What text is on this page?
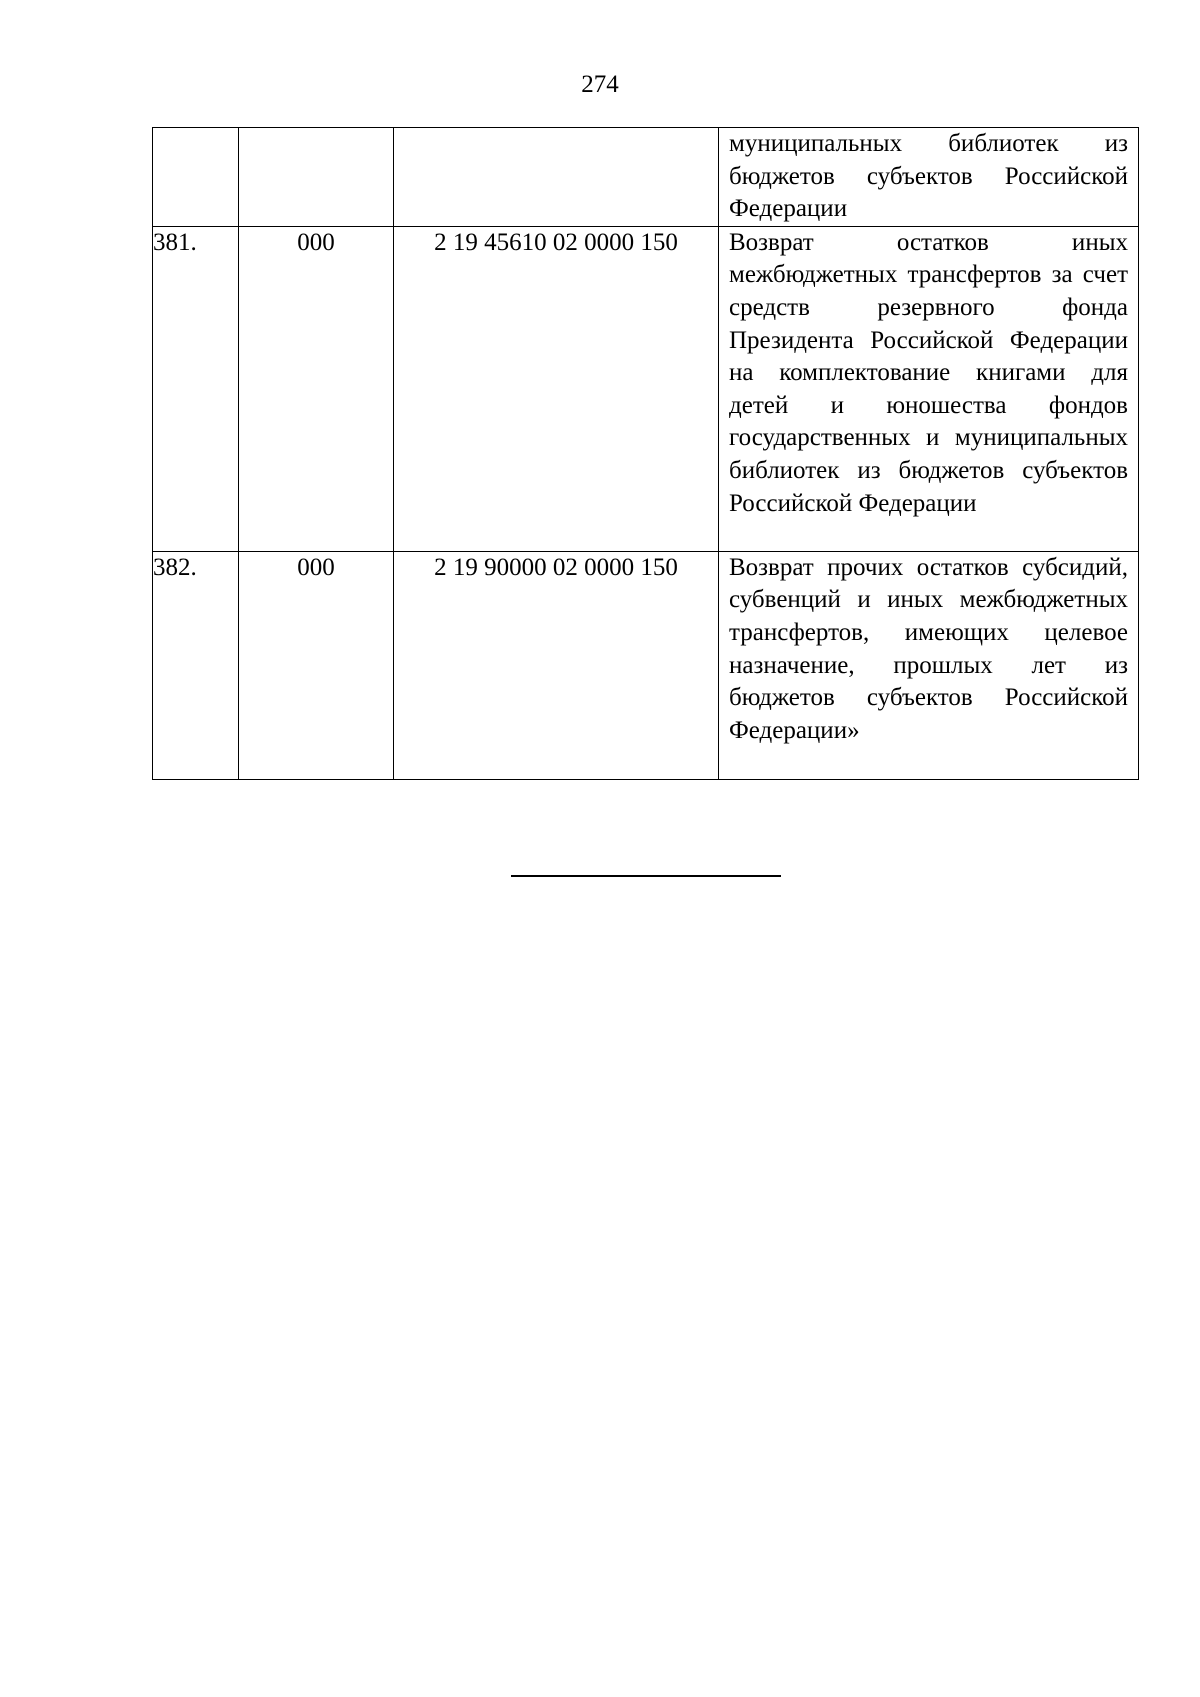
274
			муниципальных библиотек из бюджетов субъектов Российской Федерации
381.	000	2 19 45610 02 0000 150	Возврат остатков иных межбюджетных трансфертов за счет средств резервного фонда Президента Российской Федерации на комплектование книгами для детей и юношества фондов государственных и муниципальных библиотек из бюджетов субъектов Российской Федерации
382.	000	2 19 90000 02 0000 150	Возврат прочих остатков субсидий, субвенций и иных межбюджетных трансфертов, имеющих целевое назначение, прошлых лет из бюджетов субъектов Российской Федерации»
